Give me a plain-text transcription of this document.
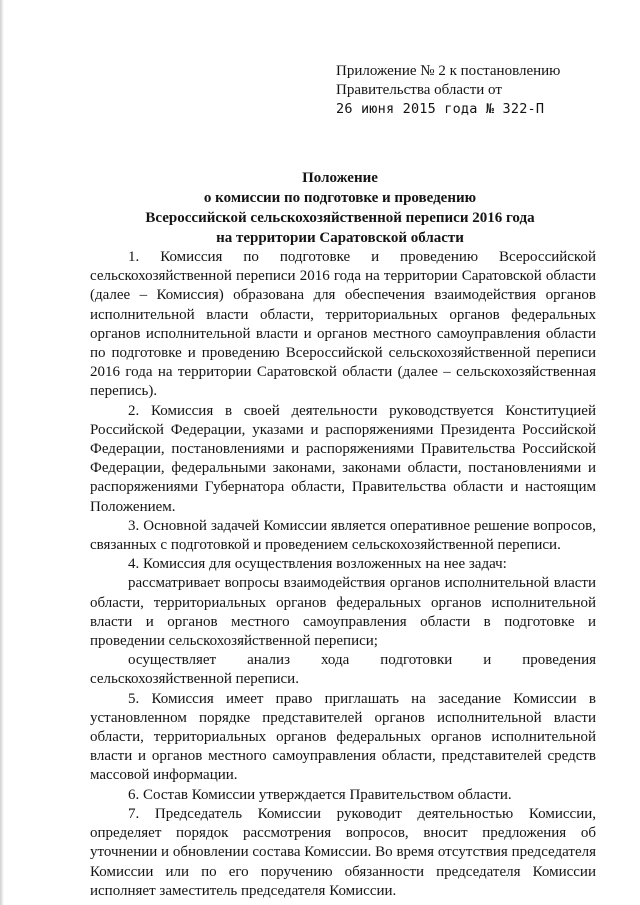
Приложение № 2 к постановлению
Правительства области от
26 июня 2015 года № 322-П
Положение
о комиссии по подготовке и проведению
Всероссийской сельскохозяйственной переписи 2016 года
на территории Саратовской области

1. Комиссия по подготовке и проведению Всероссийской сельскохозяйственной переписи 2016 года на территории Саратовской области (далее – Комиссия) образована для обеспечения взаимодействия органов исполнительной власти области, территориальных органов федеральных органов исполнительной власти и органов местного самоуправления области по подготовке и проведению Всероссийской сельскохозяйственной переписи 2016 года на территории Саратовской области (далее – сельскохозяйственная перепись).

2. Комиссия в своей деятельности руководствуется Конституцией Российской Федерации, указами и распоряжениями Президента Российской Федерации, постановлениями и распоряжениями Правительства Российской Федерации, федеральными законами, законами области, постановлениями и распоряжениями Губернатора области, Правительства области и настоящим Положением.

3. Основной задачей Комиссии является оперативное решение вопросов, связанных с подготовкой и проведением сельскохозяйственной переписи.

4. Комиссия для осуществления возложенных на нее задач:

рассматривает вопросы взаимодействия органов исполнительной власти области, территориальных органов федеральных органов исполнительной власти и органов местного самоуправления области в подготовке и проведении сельскохозяйственной переписи;

осуществляет анализ хода подготовки и проведения сельскохозяйственной переписи.

5. Комиссия имеет право приглашать на заседание Комиссии в установленном порядке представителей органов исполнительной власти области, территориальных органов федеральных органов исполнительной власти и органов местного самоуправления области, представителей средств массовой информации.

6. Состав Комиссии утверждается Правительством области.

7. Председатель Комиссии руководит деятельностью Комиссии, определяет порядок рассмотрения вопросов, вносит предложения об уточнении и обновлении состава Комиссии. Во время отсутствия председателя Комиссии или по его поручению обязанности председателя Комиссии исполняет заместитель председателя Комиссии.
